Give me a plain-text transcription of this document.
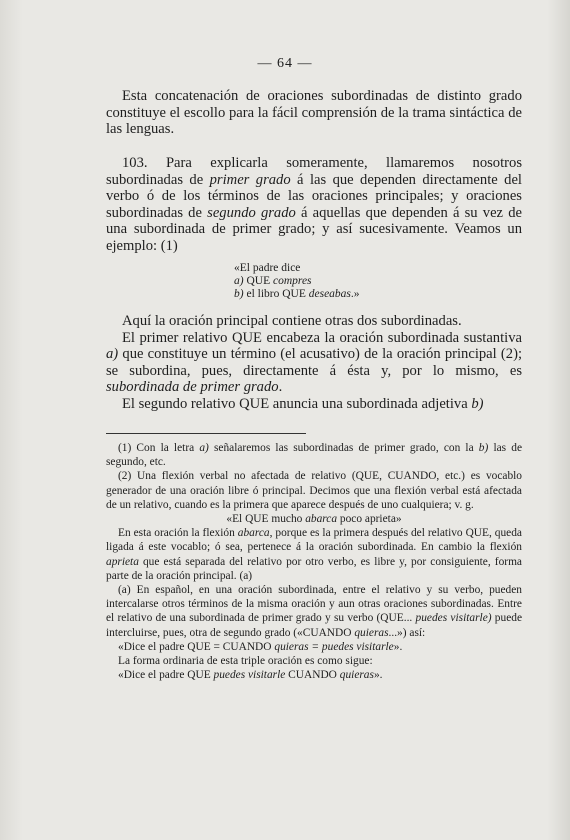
— 64 —

Esta concatenación de oraciones subordinadas de distinto grado constituye el escollo para la fácil comprensión de la trama sintáctica de las lenguas.

103. Para explicarla someramente, llamaremos nosotros subordinadas de primer grado á las que dependen directamente del verbo ó de los términos de las oraciones principales; y oraciones subordinadas de segundo grado á aquellas que dependen á su vez de una subordinada de primer grado; y así sucesivamente. Veamos un ejemplo: (1)

«El padre dice
a) QUE compres
b) el libro QUE deseabas.»

Aquí la oración principal contiene otras dos subordinadas.

El primer relativo QUE encabeza la oración subordinada sustantiva a) que constituye un término (el acusativo) de la oración principal (2); se subordina, pues, directamente á ésta y, por lo mismo, es subordinada de primer grado.

El segundo relativo QUE anuncia una subordinada adjetiva b)

(1) Con la letra a) señalaremos las subordinadas de primer grado, con la b) las de segundo, etc.

(2) Una flexión verbal no afectada de relativo (QUE, CUANDO, etc.) es vocablo generador de una oración libre ó principal. Decimos que una flexión verbal está afectada de un relativo, cuando es la primera que aparece después de uno cualquiera; v. g.

«El QUE mucho abarca poco aprieta»

En esta oración la flexión abarca, porque es la primera después del relativo QUE, queda ligada á este vocablo; ó sea, pertenece á la oración subordinada. En cambio la flexión aprieta que está separada del relativo por otro verbo, es libre y, por consiguiente, forma parte de la oración principal. (a)

(a) En español, en una oración subordinada, entre el relativo y su verbo, pueden intercalarse otros términos de la misma oración y aun otras oraciones subordinadas. Entre el relativo de una subordinada de primer grado y su verbo (QUE... puedes visitarle) puede intercluirse, pues, otra de segundo grado («CUANDO quieras...») así:

«Dice el padre QUE = CUANDO quieras = puedes visitarle».

La forma ordinaria de esta triple oración es como sigue:

«Dice el padre QUE puedes visitarle CUANDO quieras».
